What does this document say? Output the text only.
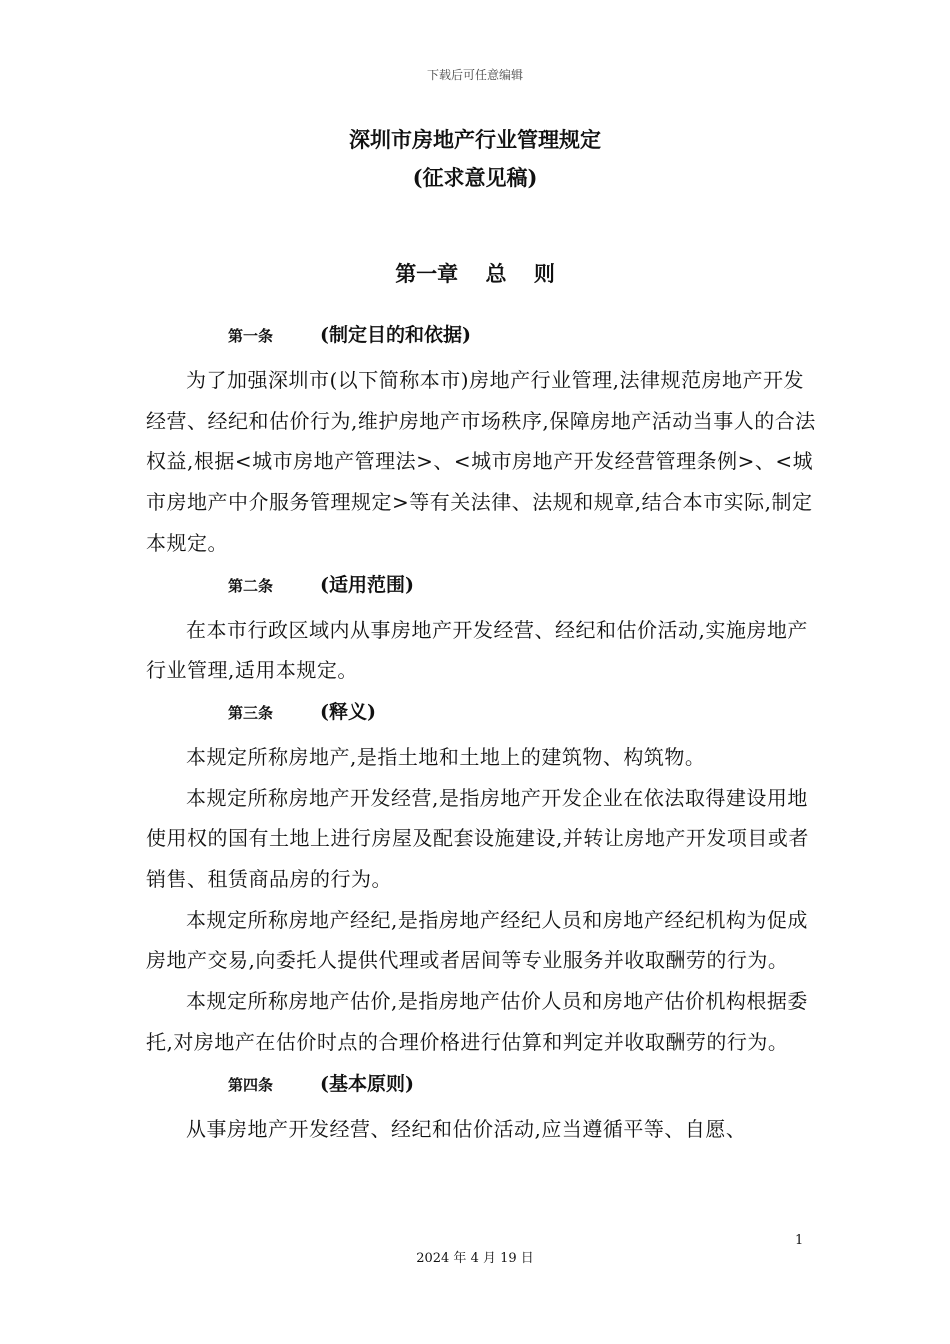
下载后可任意编辑
深圳市房地产行业管理规定
(征求意见稿)
第一章 总 则
第一条 (制定目的和依据)

为了加强深圳市(以下简称本市)房地产行业管理,法律规范房地产开发经营、经纪和估价行为,维护房地产市场秩序,保障房地产活动当事人的合法权益,根据<城市房地产管理法>、<城市房地产开发经营管理条例>、<城市房地产中介服务管理规定>等有关法律、法规和规章,结合本市实际,制定本规定。

第二条 (适用范围)

在本市行政区域内从事房地产开发经营、经纪和估价活动,实施房地产行业管理,适用本规定。

第三条 (释义)

本规定所称房地产,是指土地和土地上的建筑物、构筑物。

本规定所称房地产开发经营,是指房地产开发企业在依法取得建设用地使用权的国有土地上进行房屋及配套设施建设,并转让房地产开发项目或者销售、租赁商品房的行为。

本规定所称房地产经纪,是指房地产经纪人员和房地产经纪机构为促成房地产交易,向委托人提供代理或者居间等专业服务并收取酬劳的行为。

本规定所称房地产估价,是指房地产估价人员和房地产估价机构根据委托,对房地产在估价时点的合理价格进行估算和判定并收取酬劳的行为。

第四条 (基本原则)

从事房地产开发经营、经纪和估价活动,应当遵循平等、自愿、

1
2024 年 4 月 19 日
